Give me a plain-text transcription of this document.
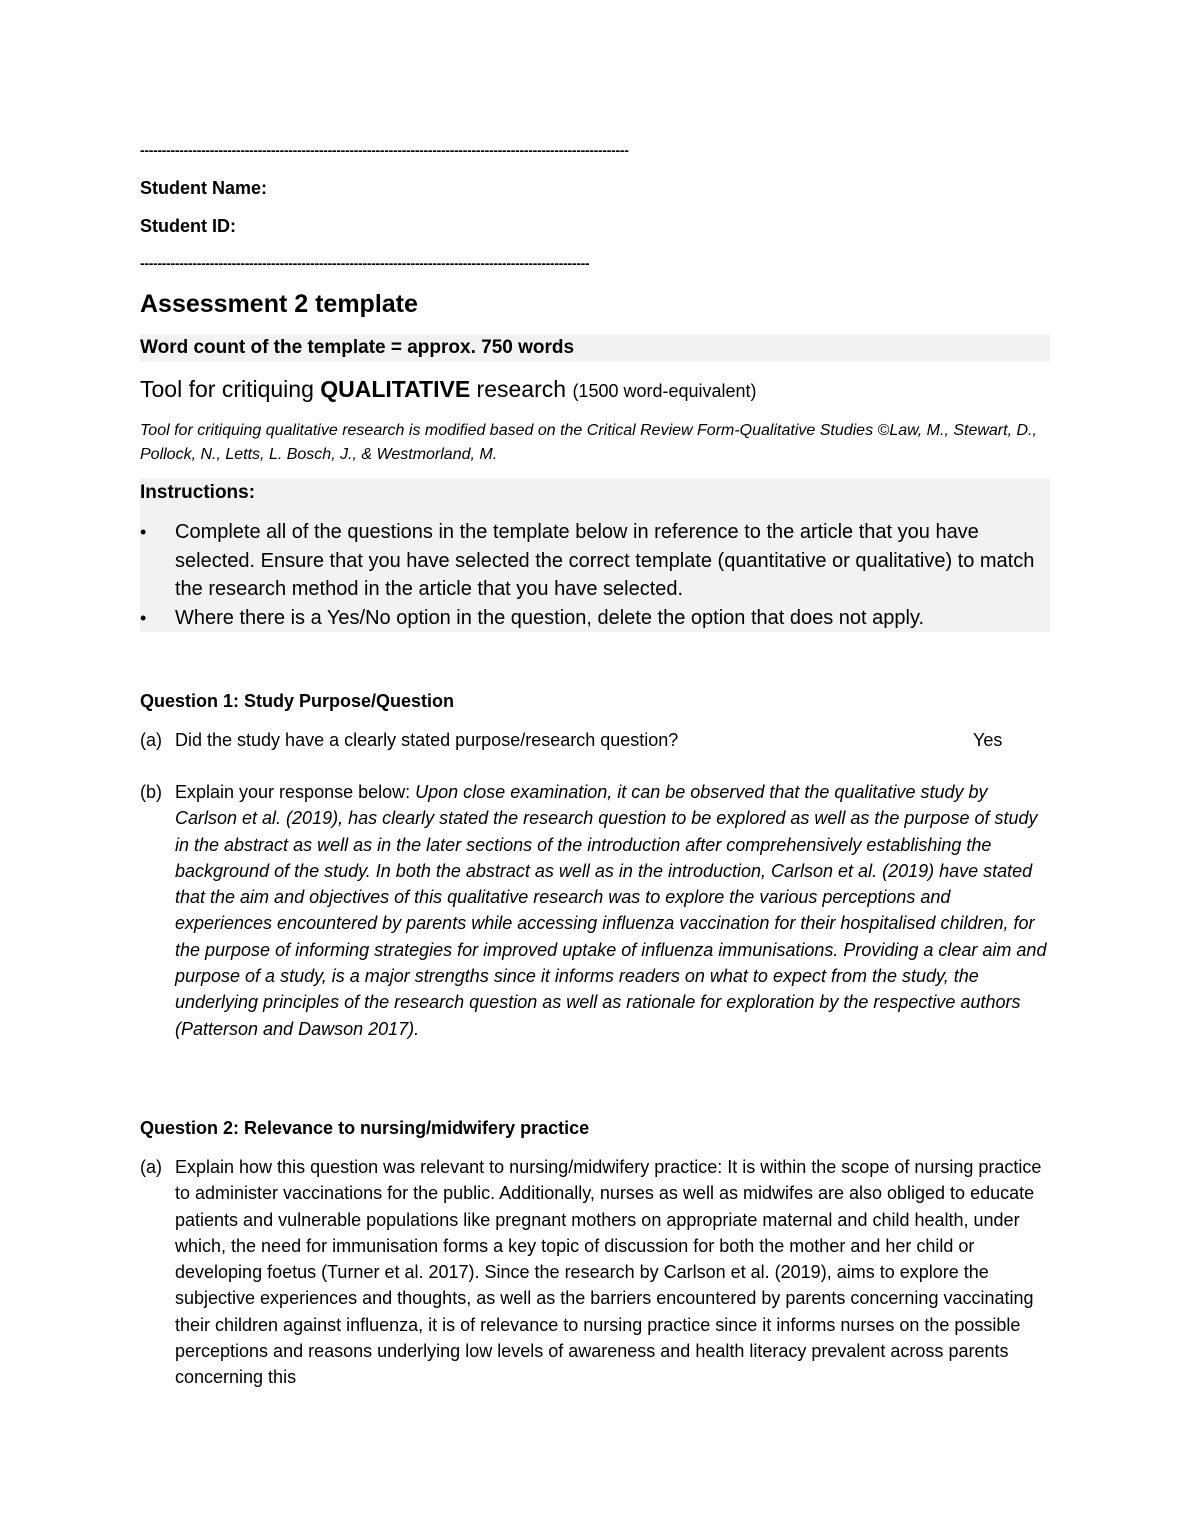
----------------------------------------------------------------------------------------------------------------
Student Name:
Student ID:
-------------------------------------------------------------------------------------------------------
Assessment 2 template
Word count of the template = approx. 750 words
Tool for critiquing QUALITATIVE research (1500 word-equivalent)
Tool for critiquing qualitative research is modified based on the Critical Review Form-Qualitative Studies ©Law, M., Stewart, D., Pollock, N., Letts, L. Bosch, J., & Westmorland, M.
Instructions:
• Complete all of the questions in the template below in reference to the article that you have selected. Ensure that you have selected the correct template (quantitative or qualitative) to match the research method in the article that you have selected.
• Where there is a Yes/No option in the question, delete the option that does not apply.
Question 1: Study Purpose/Question
(a) Did the study have a clearly stated purpose/research question?	Yes
(b) Explain your response below: Upon close examination, it can be observed that the qualitative study by Carlson et al. (2019), has clearly stated the research question to be explored as well as the purpose of study in the abstract as well as in the later sections of the introduction after comprehensively establishing the background of the study. In both the abstract as well as in the introduction, Carlson et al. (2019) have stated that the aim and objectives of this qualitative research was to explore the various perceptions and experiences encountered by parents while accessing influenza vaccination for their hospitalised children, for the purpose of informing strategies for improved uptake of influenza immunisations. Providing a clear aim and purpose of a study, is a major strengths since it informs readers on what to expect from the study, the underlying principles of the research question as well as rationale for exploration by the respective authors (Patterson and Dawson 2017).
Question 2: Relevance to nursing/midwifery practice
(a) Explain how this question was relevant to nursing/midwifery practice: It is within the scope of nursing practice to administer vaccinations for the public. Additionally, nurses as well as midwifes are also obliged to educate patients and vulnerable populations like pregnant mothers on appropriate maternal and child health, under which, the need for immunisation forms a key topic of discussion for both the mother and her child or developing foetus (Turner et al. 2017). Since the research by Carlson et al. (2019), aims to explore the subjective experiences and thoughts, as well as the barriers encountered by parents concerning vaccinating their children against influenza, it is of relevance to nursing practice since it informs nurses on the possible perceptions and reasons underlying low levels of awareness and health literacy prevalent across parents concerning this
